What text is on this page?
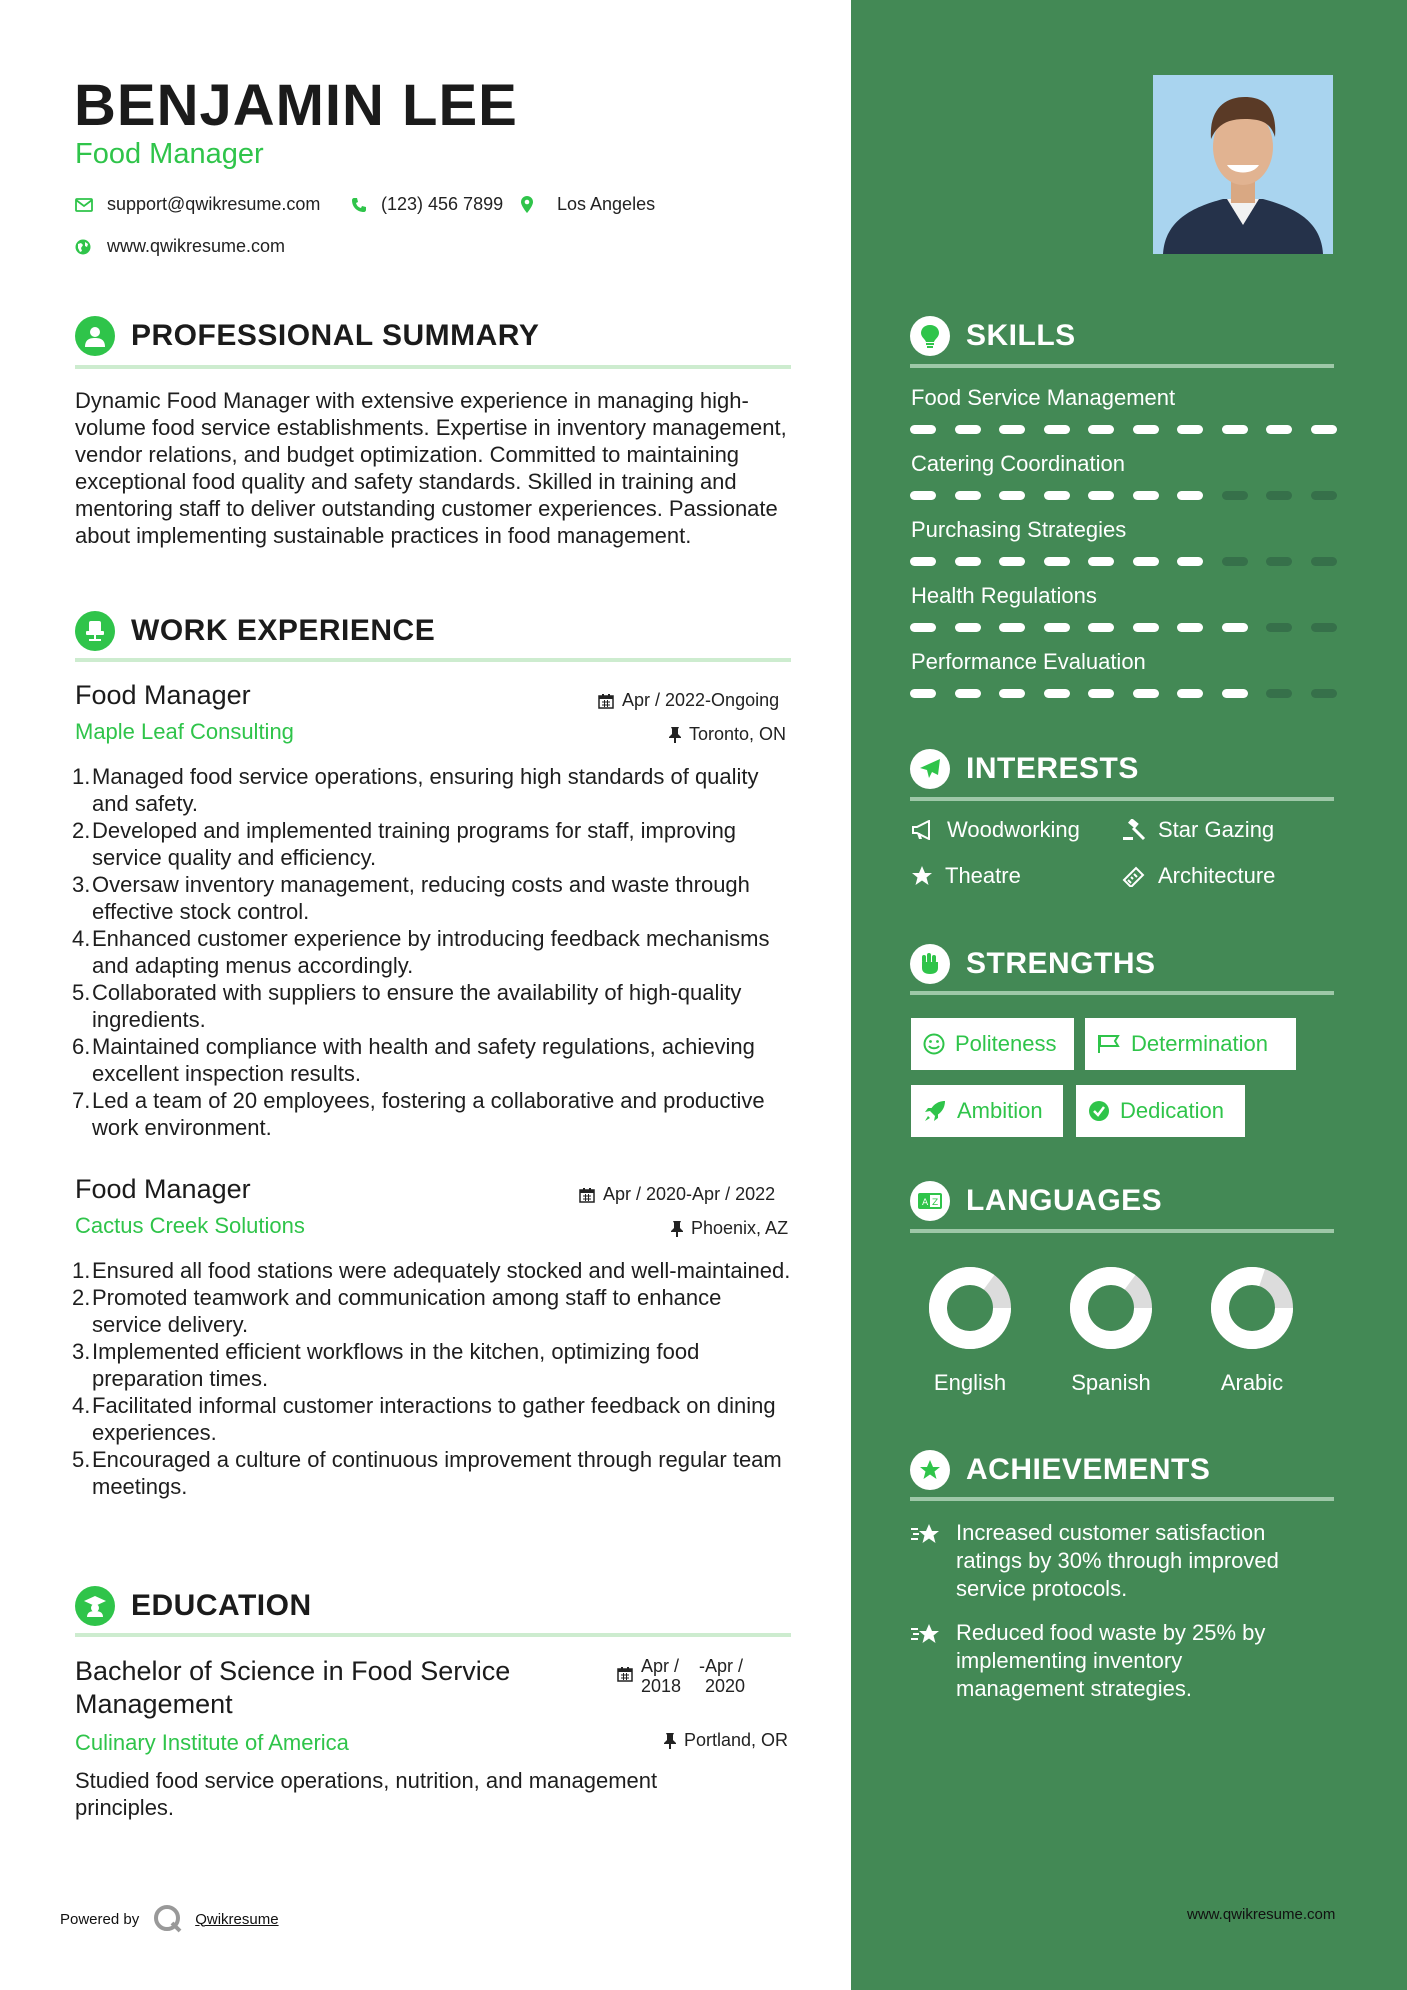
BENJAMIN LEE
Food Manager
support@qwikresume.com	(123) 456 7899	Los Angeles
www.qwikresume.com
PROFESSIONAL SUMMARY
Dynamic Food Manager with extensive experience in managing high-volume food service establishments. Expertise in inventory management, vendor relations, and budget optimization. Committed to maintaining exceptional food quality and safety standards. Skilled in training and mentoring staff to deliver outstanding customer experiences. Passionate about implementing sustainable practices in food management.
WORK EXPERIENCE
Food Manager	Apr / 2022-Ongoing
Maple Leaf Consulting	Toronto, ON
1. Managed food service operations, ensuring high standards of quality and safety.
2. Developed and implemented training programs for staff, improving service quality and efficiency.
3. Oversaw inventory management, reducing costs and waste through effective stock control.
4. Enhanced customer experience by introducing feedback mechanisms and adapting menus accordingly.
5. Collaborated with suppliers to ensure the availability of high-quality ingredients.
6. Maintained compliance with health and safety regulations, achieving excellent inspection results.
7. Led a team of 20 employees, fostering a collaborative and productive work environment.
Food Manager	Apr / 2020-Apr / 2022
Cactus Creek Solutions	Phoenix, AZ
1. Ensured all food stations were adequately stocked and well-maintained.
2. Promoted teamwork and communication among staff to enhance service delivery.
3. Implemented efficient workflows in the kitchen, optimizing food preparation times.
4. Facilitated informal customer interactions to gather feedback on dining experiences.
5. Encouraged a culture of continuous improvement through regular team meetings.
EDUCATION
Bachelor of Science in Food Service Management
Apr / 2018
- Apr / 2020
Culinary Institute of America	Portland, OR
Studied food service operations, nutrition, and management principles.
Powered by	Qwikresume
SKILLS
Food Service Management
Catering Coordination
Purchasing Strategies
Health Regulations
Performance Evaluation
INTERESTS
Woodworking	Star Gazing
Theatre	Architecture
STRENGTHS
Politeness	Determination
Ambition	Dedication
A Z LANGUAGES
English	Spanish	Arabic
ACHIEVEMENTS
Increased customer satisfaction ratings by 30% through improved service protocols.
Reduced food waste by 25% by implementing inventory management strategies.
www.qwikresume.com
